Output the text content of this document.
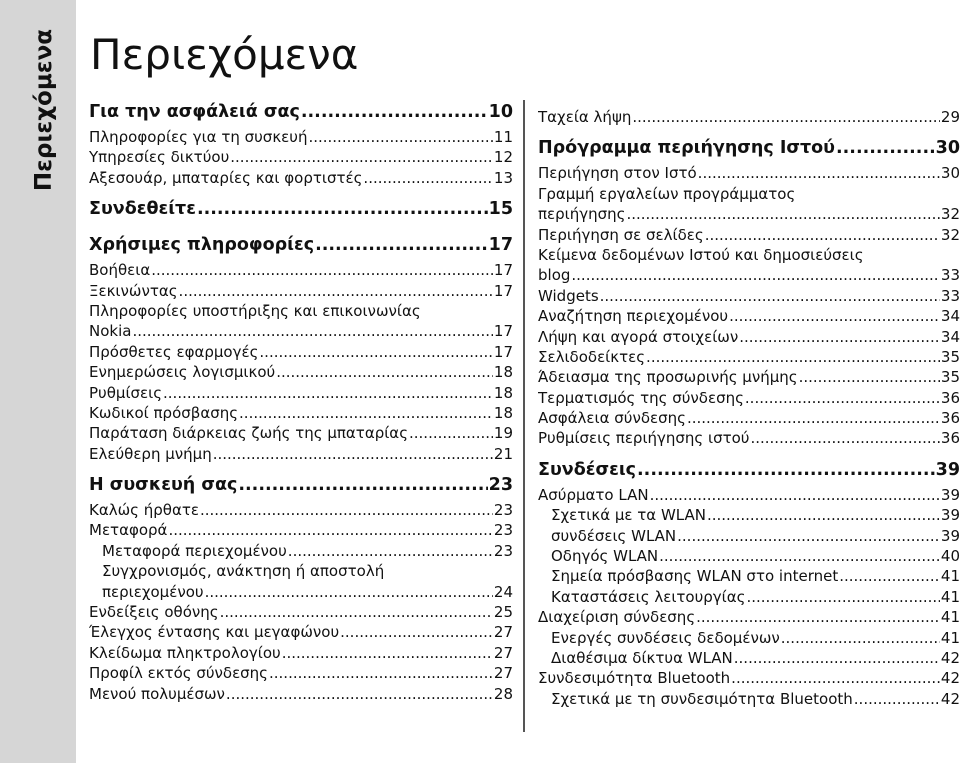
Περιεχόμενα Περιεχόμενα
Για την ασφάλειά σας .....	10
Πληροφορίες για τη συσκευή .....	11
Υπηρεσίες δικτύου .....	12
Αξεσουάρ, μπαταρίες και φορτιστές .....	13
Συνδεθείτε .....	15
Χρήσιμες πληροφορίες .....	17
Βοήθεια .....	17
Ξεκινώντας .....	17
Πληροφορίες υποστήριξης και επικοινωνίας
Nokia .....	17
Πρόσθετες εφαρμογές .....	17
Ενημερώσεις λογισμικού .....	18
Ρυθμίσεις .....	18
Κωδικοί πρόσβασης .....	18
Παράταση διάρκειας ζωής της μπαταρίας .....	19
Ελεύθερη μνήμη .....	21
Η συσκευή σας .....	23
Καλώς ήρθατε .....	23
Μεταφορά .....	23
Μεταφορά περιεχομένου .....	23
Συγχρονισμός, ανάκτηση ή αποστολή
περιεχομένου .....	24
Ενδείξεις οθόνης .....	25
Έλεγχος έντασης και μεγαφώνου .....	27
Κλείδωμα πληκτρολογίου .....	27
Προφίλ εκτός σύνδεσης .....	27
Μενού πολυμέσων .....	28
Ταχεία λήψη .....	29
Πρόγραμμα περιήγησης Ιστού .....	30
Περιήγηση στον Ιστό .....	30
Γραμμή εργαλείων προγράμματος
περιήγησης .....	32
Περιήγηση σε σελίδες .....	32
Κείμενα δεδομένων Ιστού και δημοσιεύσεις
blog .....	33
Widgets .....	33
Αναζήτηση περιεχομένου .....	34
Λήψη και αγορά στοιχείων .....	34
Σελιδοδείκτες .....	35
Άδειασμα της προσωρινής μνήμης .....	35
Τερματισμός της σύνδεσης .....	36
Ασφάλεια σύνδεσης .....	36
Ρυθμίσεις περιήγησης ιστού .....	36
Συνδέσεις .....	39
Ασύρματο LAN .....	39
Σχετικά με τα WLAN .....	39
συνδέσεις WLAN .....	39
Οδηγός WLAN .....	40
Σημεία πρόσβασης WLAN στο internet .....	41
Καταστάσεις λειτουργίας .....	41
Διαχείριση σύνδεσης .....	41
Ενεργές συνδέσεις δεδομένων .....	41
Διαθέσιμα δίκτυα WLAN .....	42
Συνδεσιμότητα Bluetooth .....	42
Σχετικά με τη συνδεσιμότητα Bluetooth .....	42
